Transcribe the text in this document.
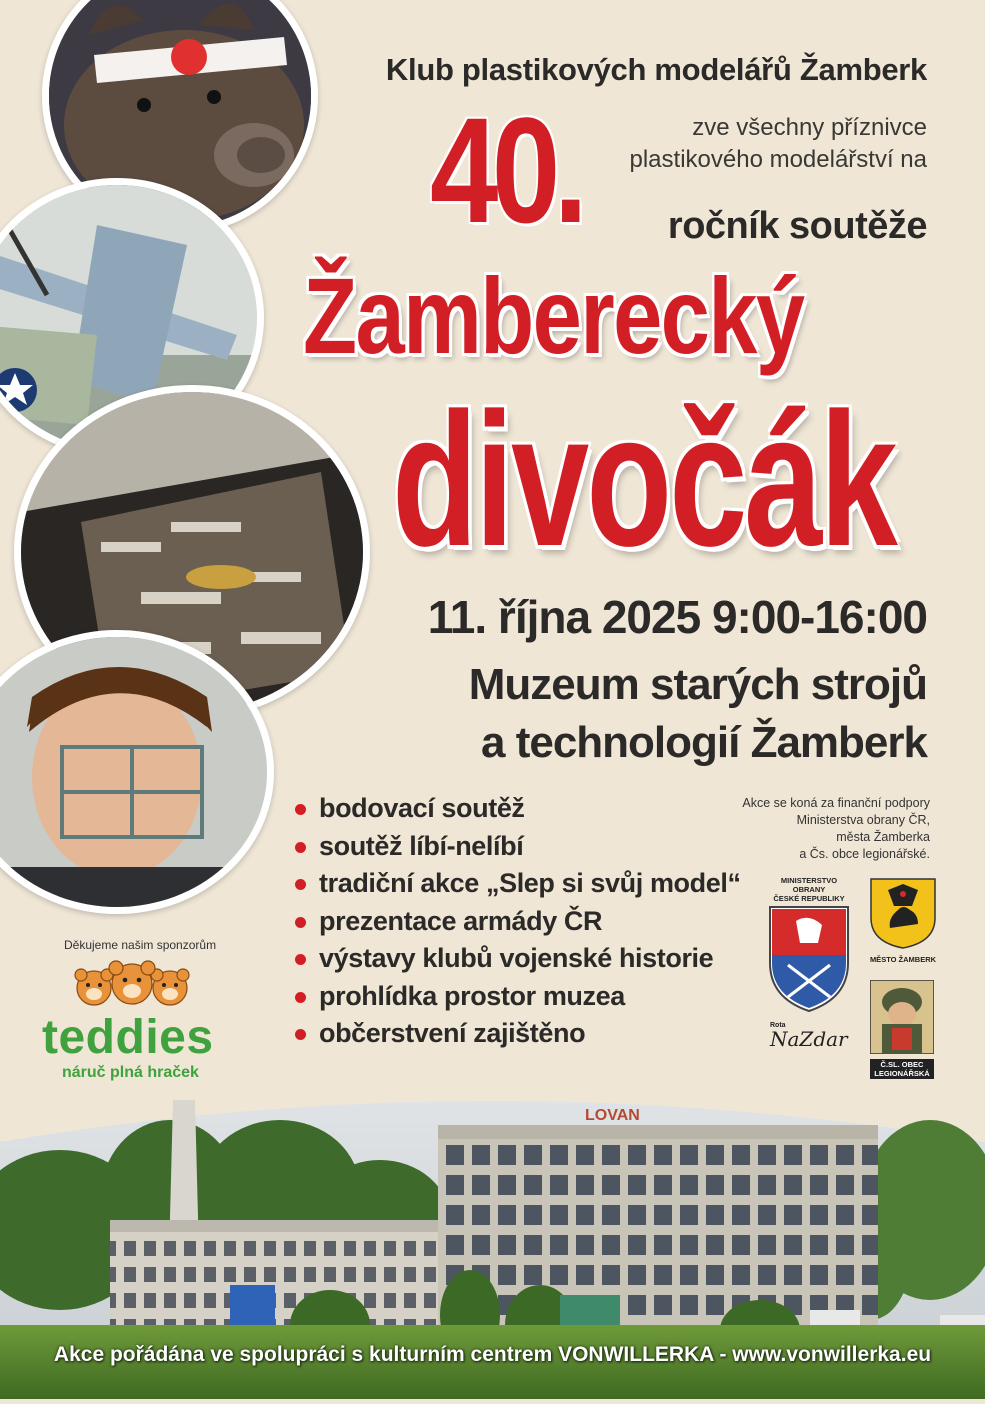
Klub plastikových modelářů Žamberk
zve všechny příznivce
plastikového modelářství na
40. ročník soutěže
Žamberecký
divočák
11. října 2025 9:00-16:00
Muzeum starých strojů
a technologií Žamberk
bodovací soutěž
soutěž líbí-nelíbí
tradiční akce „Slep si svůj model“
prezentace armády ČR
výstavy klubů vojenské historie
prohlídka prostor muzea
občerstvení zajištěno
Akce se koná za finanční podpory
Ministerstva obrany ČR,
města Žamberka
a Čs. obce legionářské.
MINISTERSTVO OBRANY
ČESKÉ REPUBLIKY
MĚSTO ŽAMBERK
Rota
NaZdar
Č.SL. OBEC
LEGIONÁŘSKÁ
Děkujeme našim sponzorům
teddies
náruč plná hraček
LOVAN
Akce pořádána ve spolupráci s kulturním centrem VONWILLERKA - www.vonwillerka.eu
